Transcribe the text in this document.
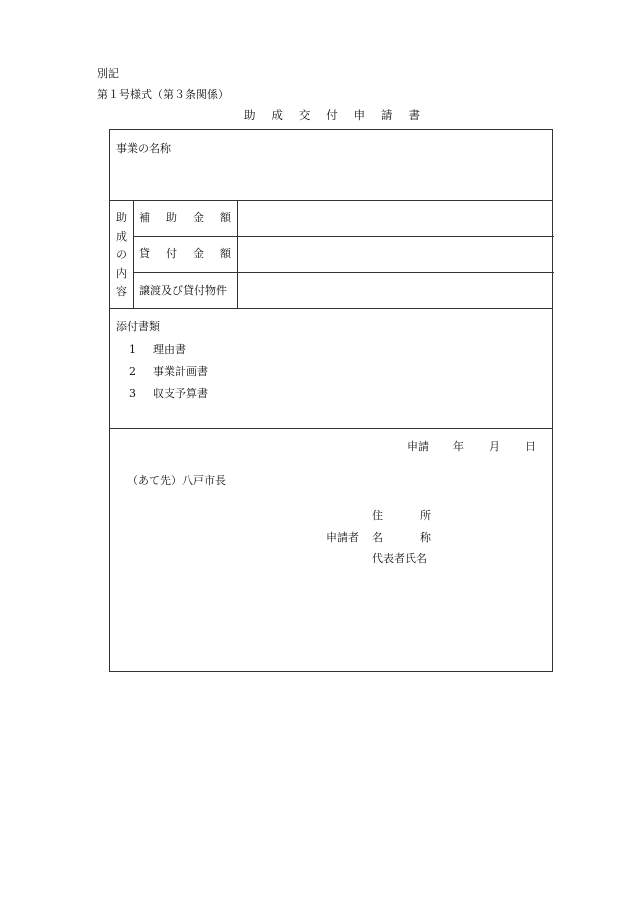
別記
第１号様式（第３条関係）
助 成 交 付 申 請 書
事業の名称
助
成
の
内
容
補 助 金 額
貸 付 金 額
譲渡及び貸付物件
添付書類
1 理由書
2 事業計画書
3 収支予算書
申請 年 月 日
（あて先）八戸市長
住	所
申請者 名	称
代表者氏名
